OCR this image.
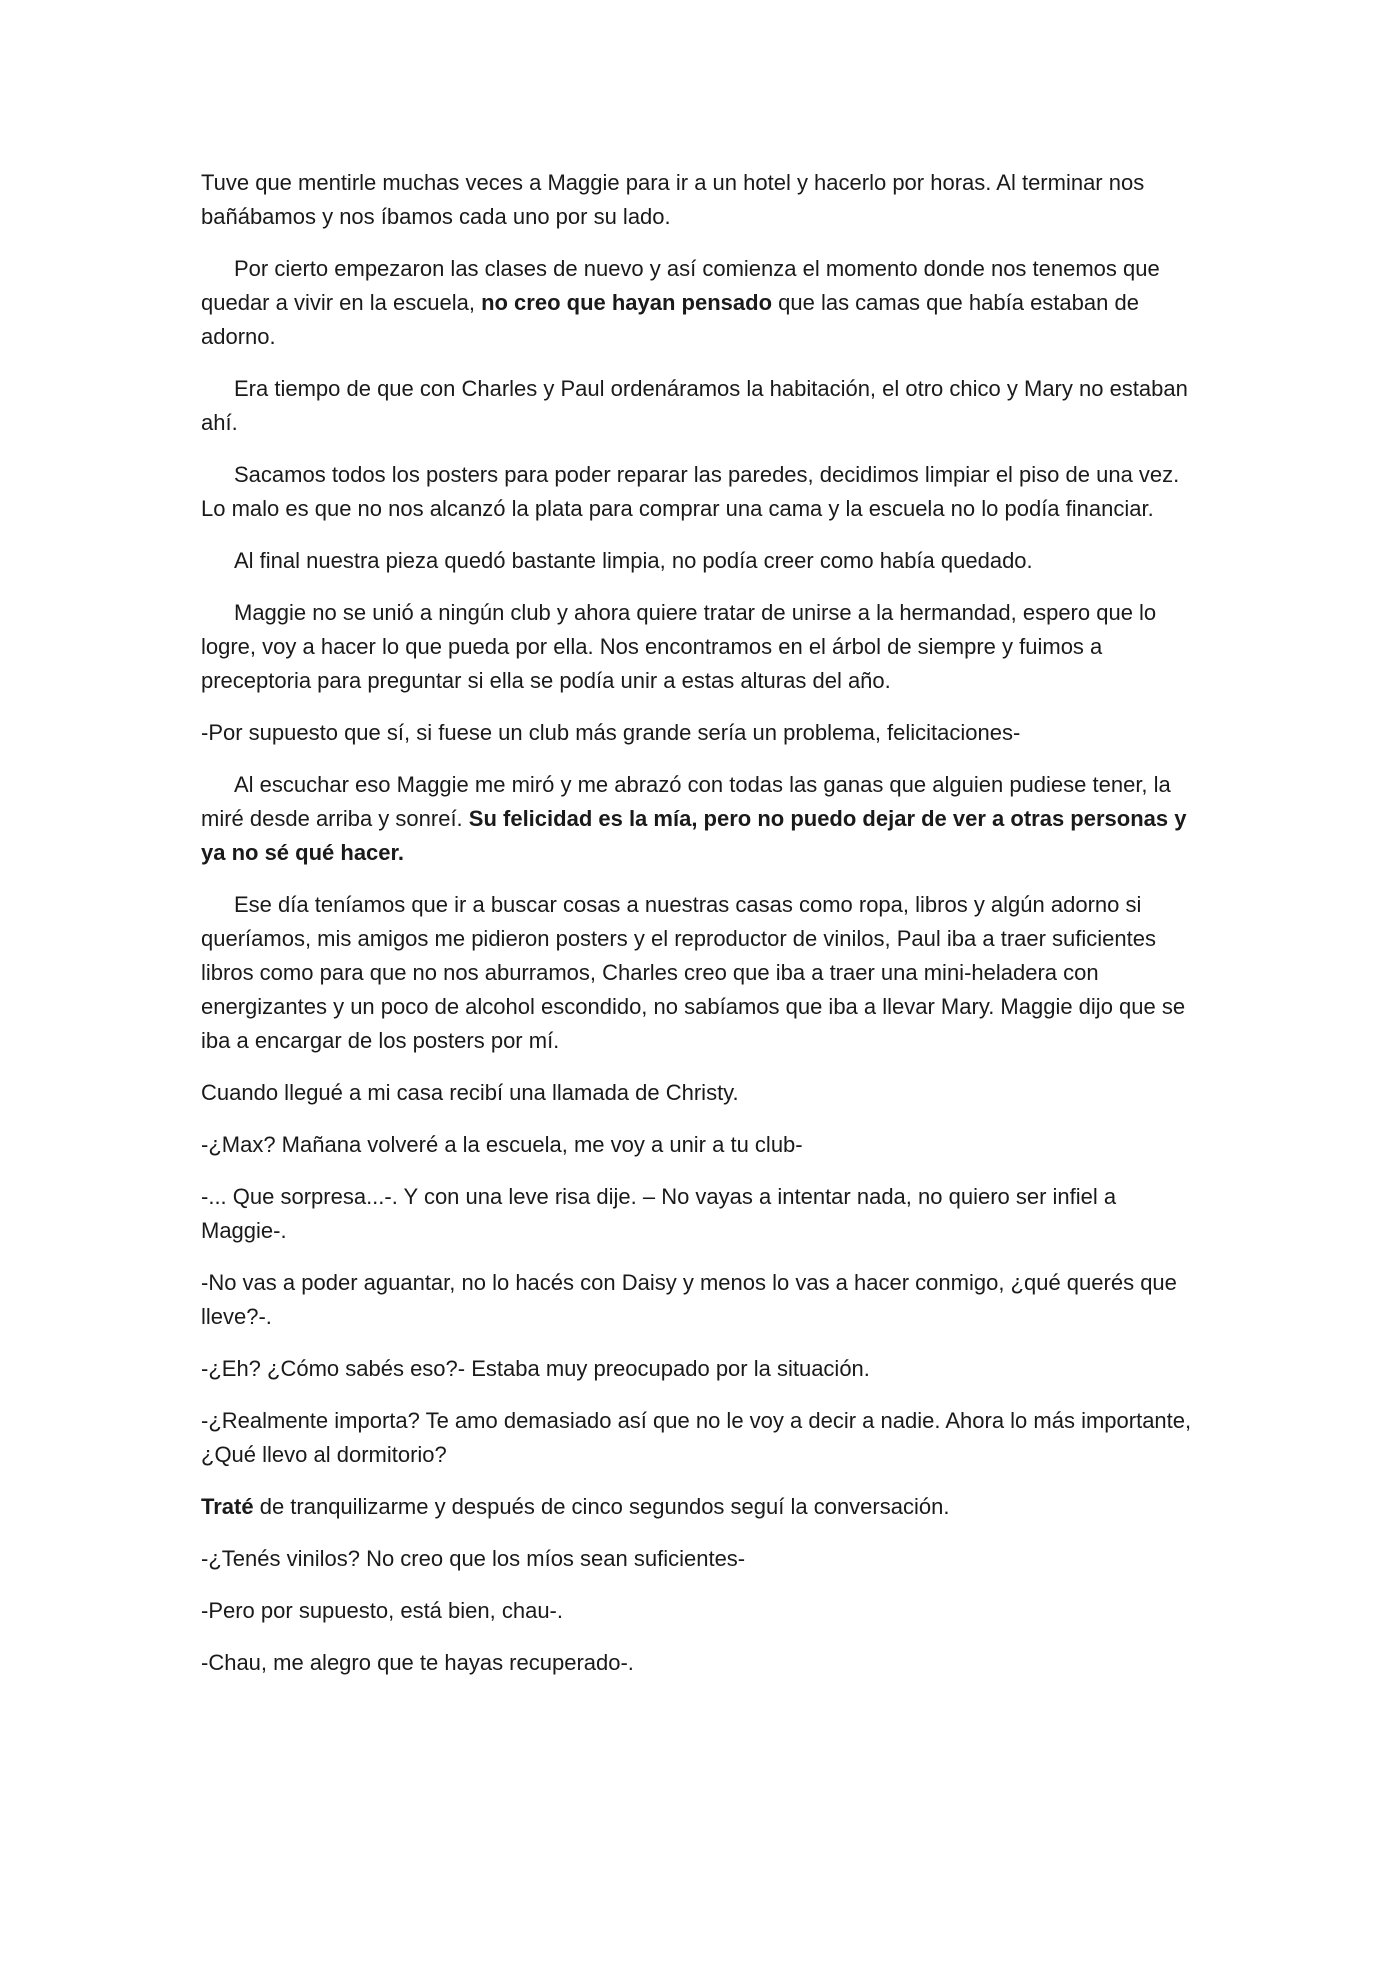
Tuve que mentirle muchas veces a Maggie para ir a un hotel y hacerlo por horas. Al terminar nos bañábamos y nos íbamos cada uno por su lado.

Por cierto empezaron las clases de nuevo y así comienza el momento donde nos tenemos que quedar a vivir en la escuela, no creo que hayan pensado que las camas que había estaban de adorno.

Era tiempo de que con Charles y Paul ordenáramos la habitación, el otro chico y Mary no estaban ahí.

Sacamos todos los posters para poder reparar las paredes, decidimos limpiar el piso de una vez. Lo malo es que no nos alcanzó la plata para comprar una cama y la escuela no lo podía financiar.

Al final nuestra pieza quedó bastante limpia, no podía creer como había quedado.

Maggie no se unió a ningún club y ahora quiere tratar de unirse a la hermandad, espero que lo logre, voy a hacer lo que pueda por ella. Nos encontramos en el árbol de siempre y fuimos a preceptoria para preguntar si ella se podía unir a estas alturas del año.

-Por supuesto que sí, si fuese un club más grande sería un problema, felicitaciones-

Al escuchar eso Maggie me miró y me abrazó con todas las ganas que alguien pudiese tener, la miré desde arriba y sonreí. Su felicidad es la mía, pero no puedo dejar de ver a otras personas y ya no sé qué hacer.

Ese día teníamos que ir a buscar cosas a nuestras casas como ropa, libros y algún adorno si queríamos, mis amigos me pidieron posters y el reproductor de vinilos, Paul iba a traer suficientes libros como para que no nos aburramos, Charles creo que iba a traer una mini-heladera con energizantes y un poco de alcohol escondido, no sabíamos que iba a llevar Mary. Maggie dijo que se iba a encargar de los posters por mí.

Cuando llegué a mi casa recibí una llamada de Christy.

-¿Max? Mañana volveré a la escuela, me voy a unir a tu club-

-... Que sorpresa...-. Y con una leve risa dije. – No vayas a intentar nada, no quiero ser infiel a Maggie-.

-No vas a poder aguantar, no lo hacés con Daisy y menos lo vas a hacer conmigo, ¿qué querés que lleve?-.

-¿Eh? ¿Cómo sabés eso?- Estaba muy preocupado por la situación.

-¿Realmente importa? Te amo demasiado así que no le voy a decir a nadie. Ahora lo más importante, ¿Qué llevo al dormitorio?

Traté de tranquilizarme y después de cinco segundos seguí la conversación.

-¿Tenés vinilos? No creo que los míos sean suficientes-

-Pero por supuesto, está bien, chau-.

-Chau, me alegro que te hayas recuperado-.
